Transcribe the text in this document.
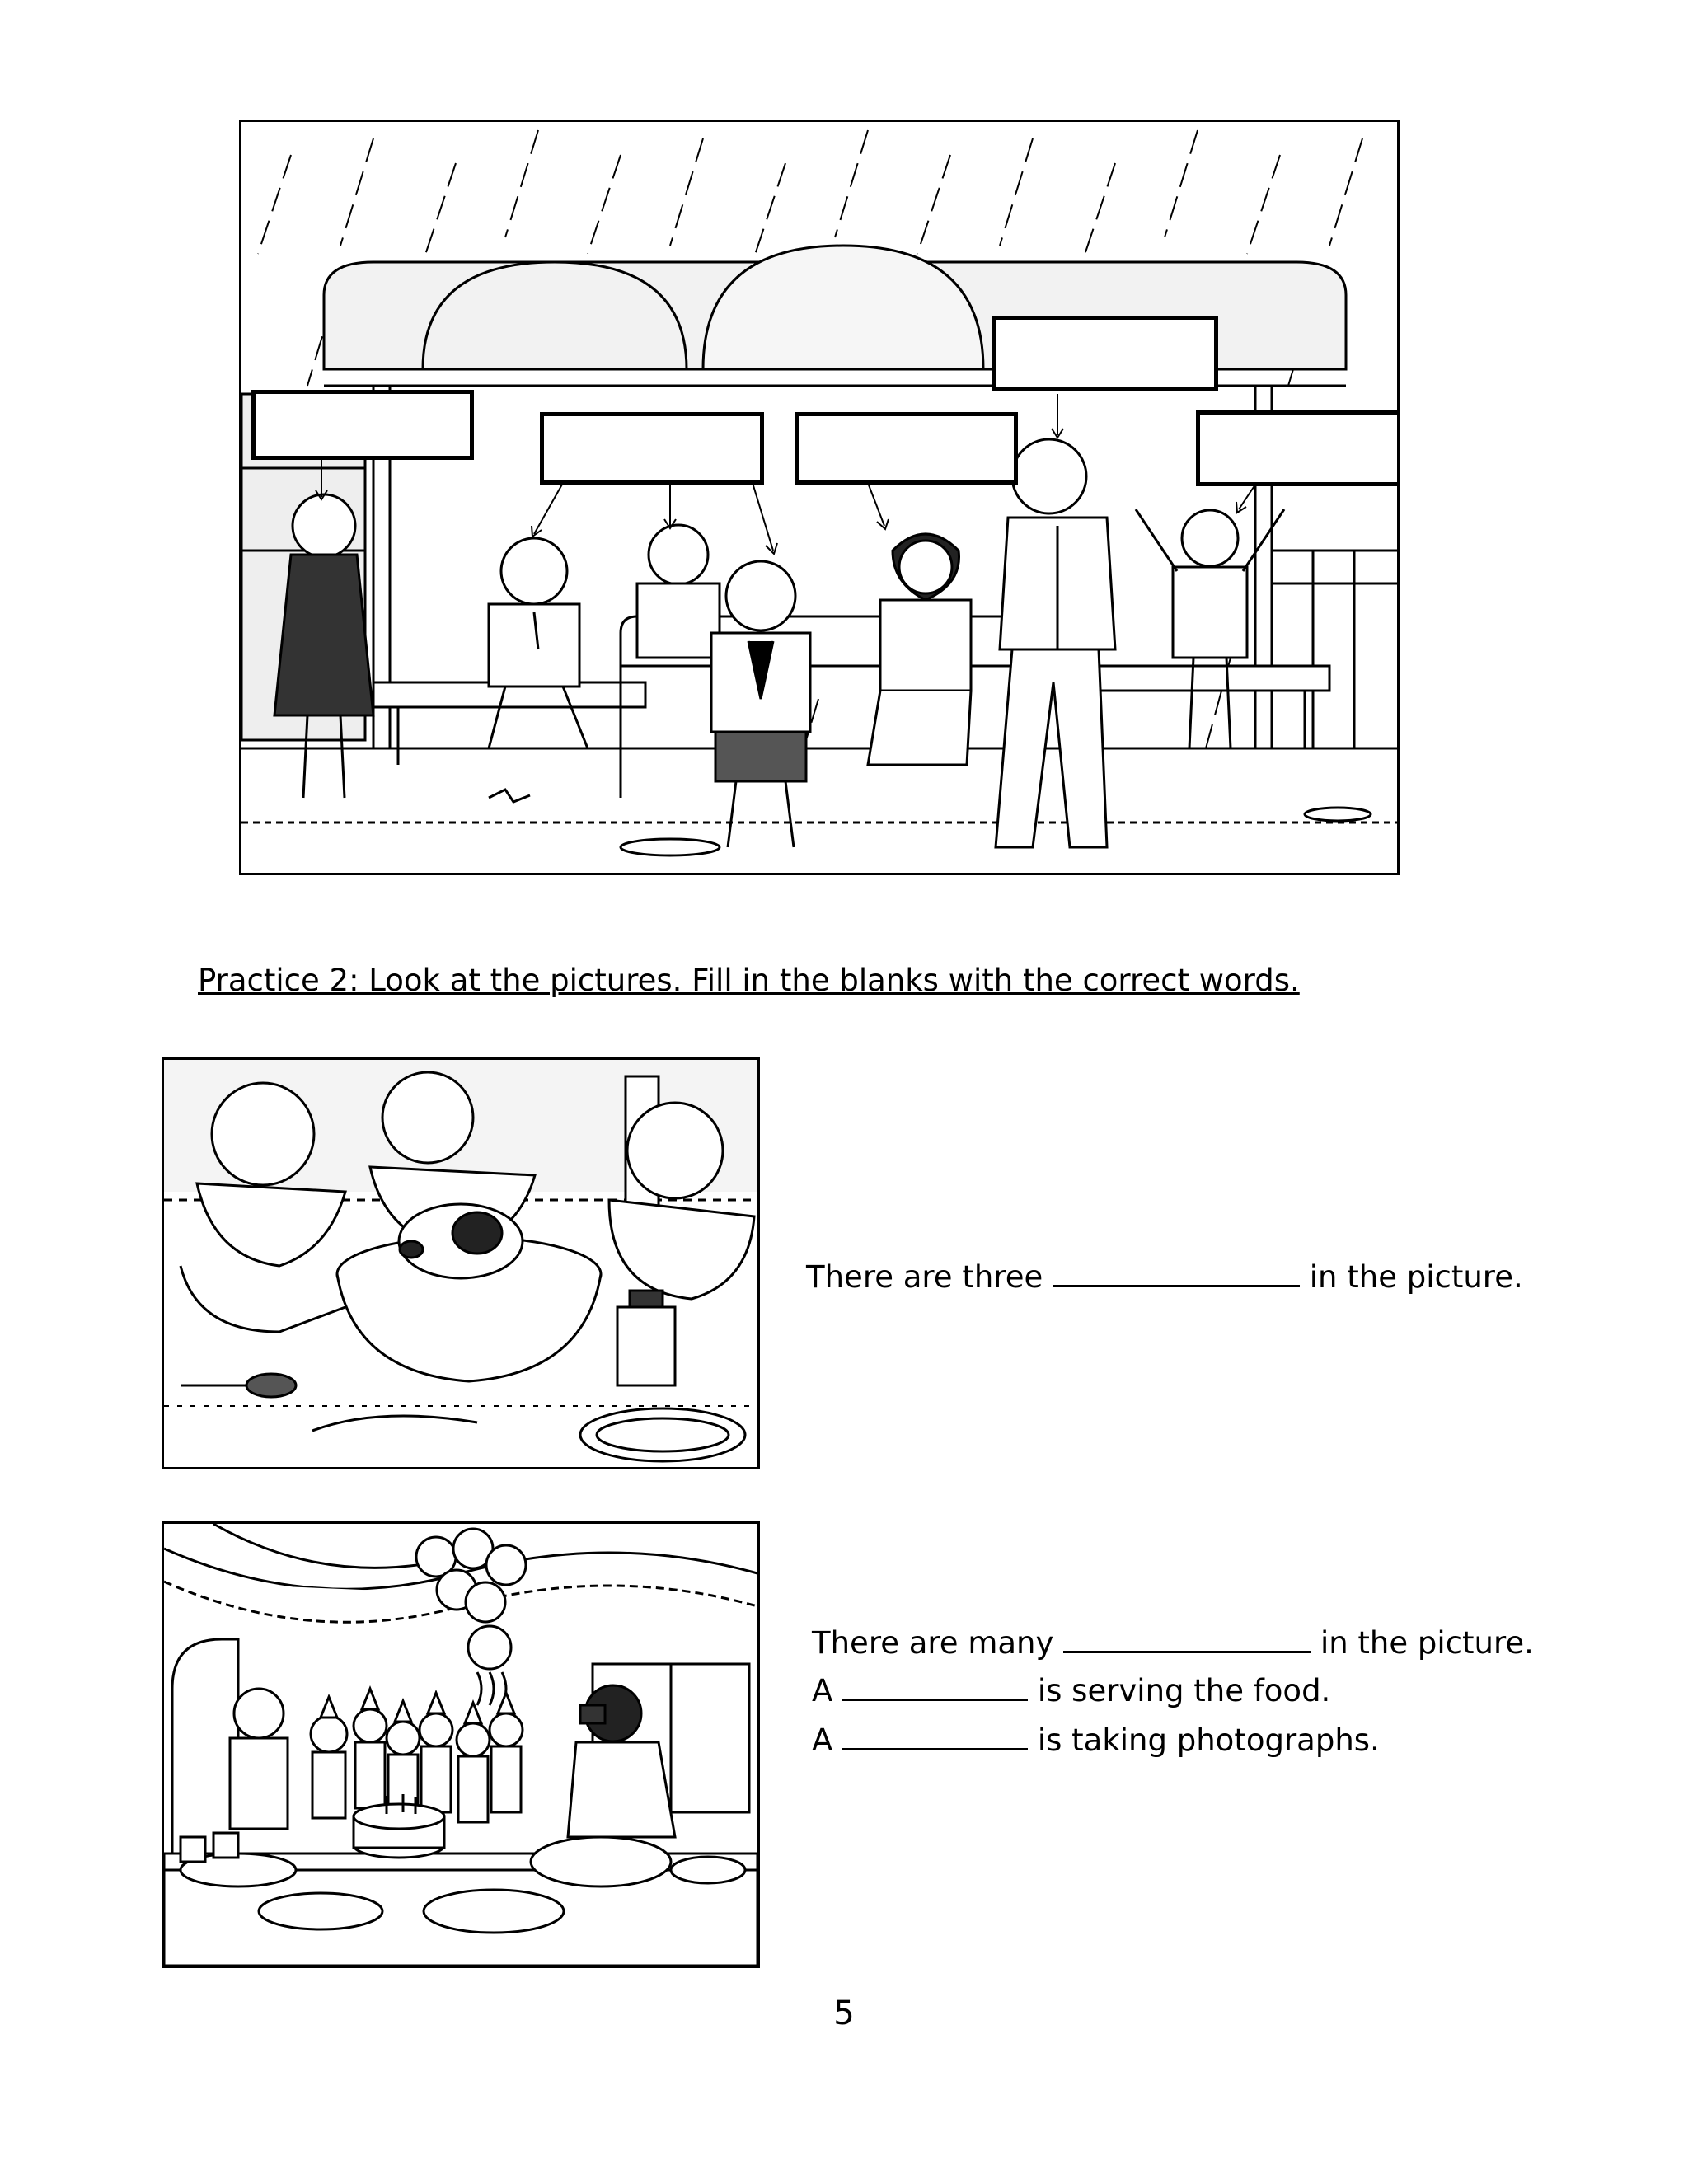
Practice 2: Look at the pictures. Fill in the blanks with the correct words.
There are three	in the picture.
There are many	in the picture.
A	is serving the food.
A	is taking photographs.
5
